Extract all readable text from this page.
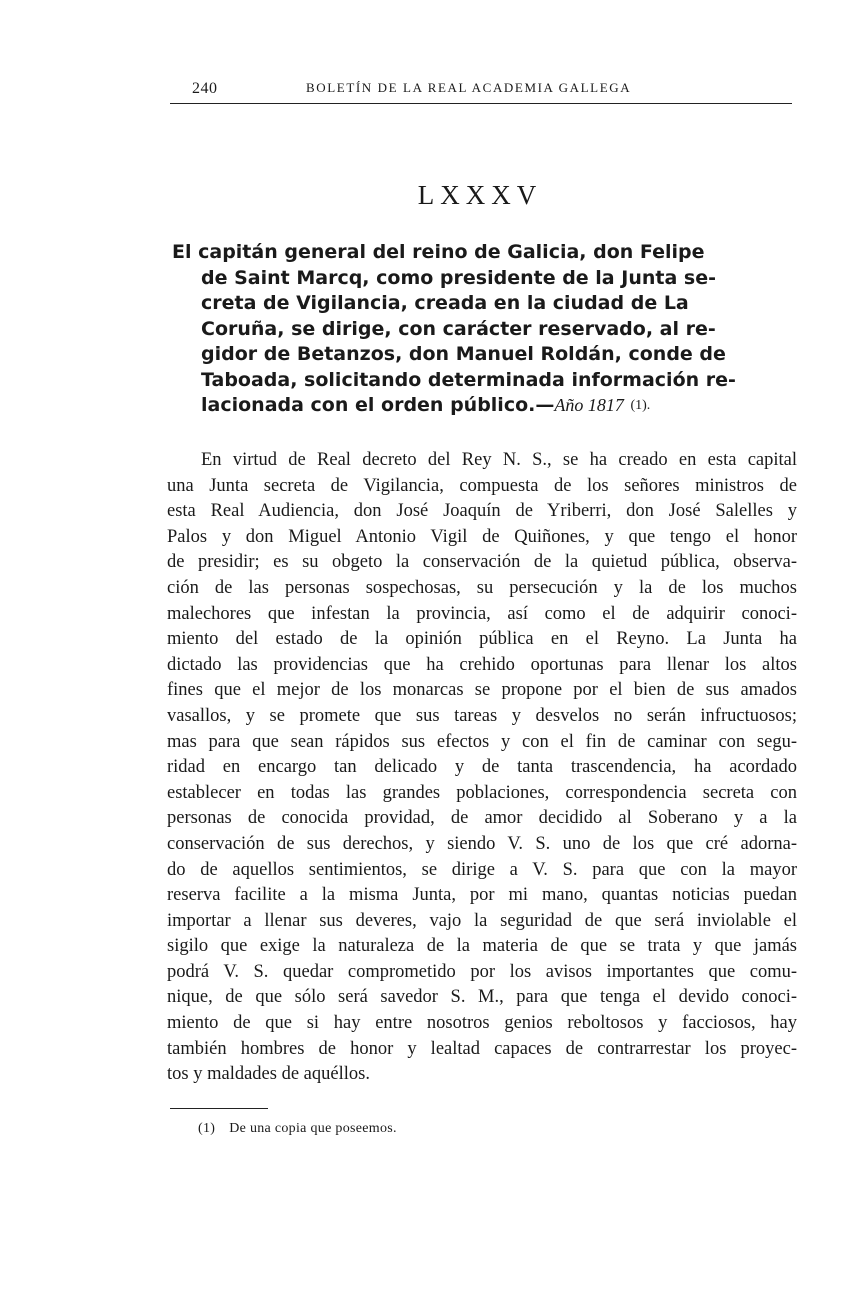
240	BOLETÍN DE LA REAL ACADEMIA GALLEGA
LXXXV
El capitán general del reino de Galicia, don Felipe
de Saint Marcq, como presidente de la Junta se-
creta de Vigilancia, creada en la ciudad de La
Coruña, se dirige, con carácter reservado, al re-
gidor de Betanzos, don Manuel Roldán, conde de
Taboada, solicitando determinada información re-
lacionada con el orden público.—Año 1817 (1).
En virtud de Real decreto del Rey N. S., se ha creado en esta capital
una Junta secreta de Vigilancia, compuesta de los señores ministros de
esta Real Audiencia, don José Joaquín de Yriberri, don José Salelles y
Palos y don Miguel Antonio Vigil de Quiñones, y que tengo el honor
de presidir; es su obgeto la conservación de la quietud pública, observa-
ción de las personas sospechosas, su persecución y la de los muchos
malechores que infestan la provincia, así como el de adquirir conoci-
miento del estado de la opinión pública en el Reyno. La Junta ha
dictado las providencias que ha crehido oportunas para llenar los altos
fines que el mejor de los monarcas se propone por el bien de sus amados
vasallos, y se promete que sus tareas y desvelos no serán infructuosos;
mas para que sean rápidos sus efectos y con el fin de caminar con segu-
ridad en encargo tan delicado y de tanta trascendencia, ha acordado
establecer en todas las grandes poblaciones, correspondencia secreta con
personas de conocida providad, de amor decidido al Soberano y a la
conservación de sus derechos, y siendo V. S. uno de los que cré adorna-
do de aquellos sentimientos, se dirige a V. S. para que con la mayor
reserva facilite a la misma Junta, por mi mano, quantas noticias puedan
importar a llenar sus deveres, vajo la seguridad de que será inviolable el
sigilo que exige la naturaleza de la materia de que se trata y que jamás
podrá V. S. quedar comprometido por los avisos importantes que comu-
nique, de que sólo será savedor S. M., para que tenga el devido conoci-
miento de que si hay entre nosotros genios reboltosos y facciosos, hay
también hombres de honor y lealtad capaces de contrarrestar los proyec-
tos y maldades de aquéllos.
(1) De una copia que poseemos.
